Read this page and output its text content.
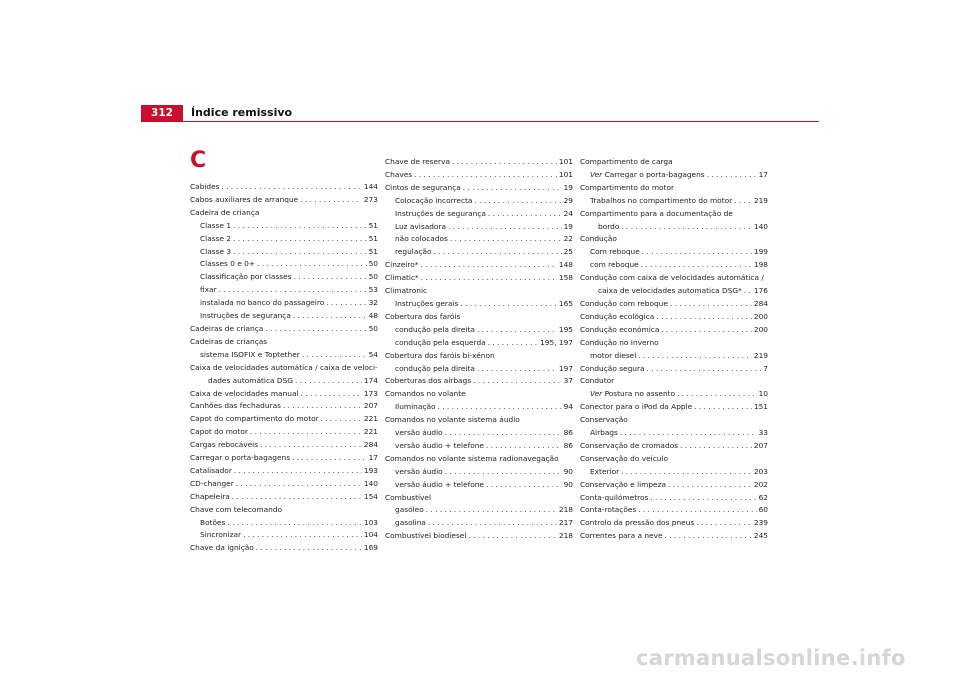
312	Índice remissivo
C
Cabides . . .	144
Cabos auxiliares de arranque . . .	273
Cadeira de criança
Classe 1 . . .	51
Classe 2 . . .	51
Classe 3 . . .	51
Classes 0 e 0+ . . .	50
Classificação por classes . . .	50
fixar . . .	53
instalada no banco do passageiro . . .	32
Instruções de segurança . . .	48
Cadeiras de criança . . .	50
Cadeiras de crianças
sistema ISOFIX e Toptether . . .	54
Caixa de velocidades automática / caixa de veloci-
dades automática DSG . . .	174
Caixa de velocidades manual . . .	173
Canhões das fechaduras . . .	207
Capot do compartimento do motor . . .	221
Capot do motor . . .	221
Cargas rebocáveis . . .	284
Carregar o porta-bagagens . . .	17
Catalisador . . .	193
CD-changer . . .	140
Chapeleira . . .	154
Chave com telecomando
Botões . . .	103
Sincronizar . . .	104
Chave da ignição . . .	169
Chave de reserva . . .	101
Chaves . . .	101
Cintos de segurança . . .	19
Colocação incorrecta . . .	29
Instruções de segurança . . .	24
Luz avisadora . . .	19
não colocados . . .	22
regulação . . .	25
Cinzeiro* . . .	148
Climatic* . . .	158
Climatronic
Instruções gerais . . .	165
Cobertura dos faróis
condução pela direita . . .	195
condução pela esquerda . . .	195, 197
Cobertura dos faróis bi-xénon
condução pela direita . . .	197
Coberturas dos airbags . . .	37
Comandos no volante
Iluminação . . .	94
Comandos no volante sistema áudio
versão áudio . . .	86
versão áudio + telefone . . .	86
Comandos no volante sistema radionavegação
versão áudio . . .	90
versão áudio + telefone . . .	90
Combustível
gasóleo . . .	218
gasolina . . .	217
Combustível biodiesel . . .	218
Compartimento de carga
Ver Carregar o porta-bagagens . . .	17
Compartimento do motor
Trabalhos no compartimento do motor . . .	219
Compartimento para a documentação de
bordo . . .	140
Condução
Com reboque . . .	199
com reboque . . .	198
Condução com caixa de velocidades automática /
caixa de velocidades automatica DSG* . . . 176
Condução com reboque . . .	284
Condução ecológica . . .	200
Condução económica . . .	200
Condução no Inverno
motor diesel . . .	219
Condução segura . . .	7
Condutor
Ver Postura no assento . . .	10
Conector para o iPod da Apple . . .	151
Conservação
Airbags . . .	33
Conservação de cromados . . .	207
Conservação do veículo
Exterior . . .	203
Conservação e limpeza . . .	202
Conta-quilómetros . . .	62
Conta-rotações . . .	60
Controlo da pressão dos pneus . . .	239
Correntes para a neve . . .	245
carmanualsonline.info
